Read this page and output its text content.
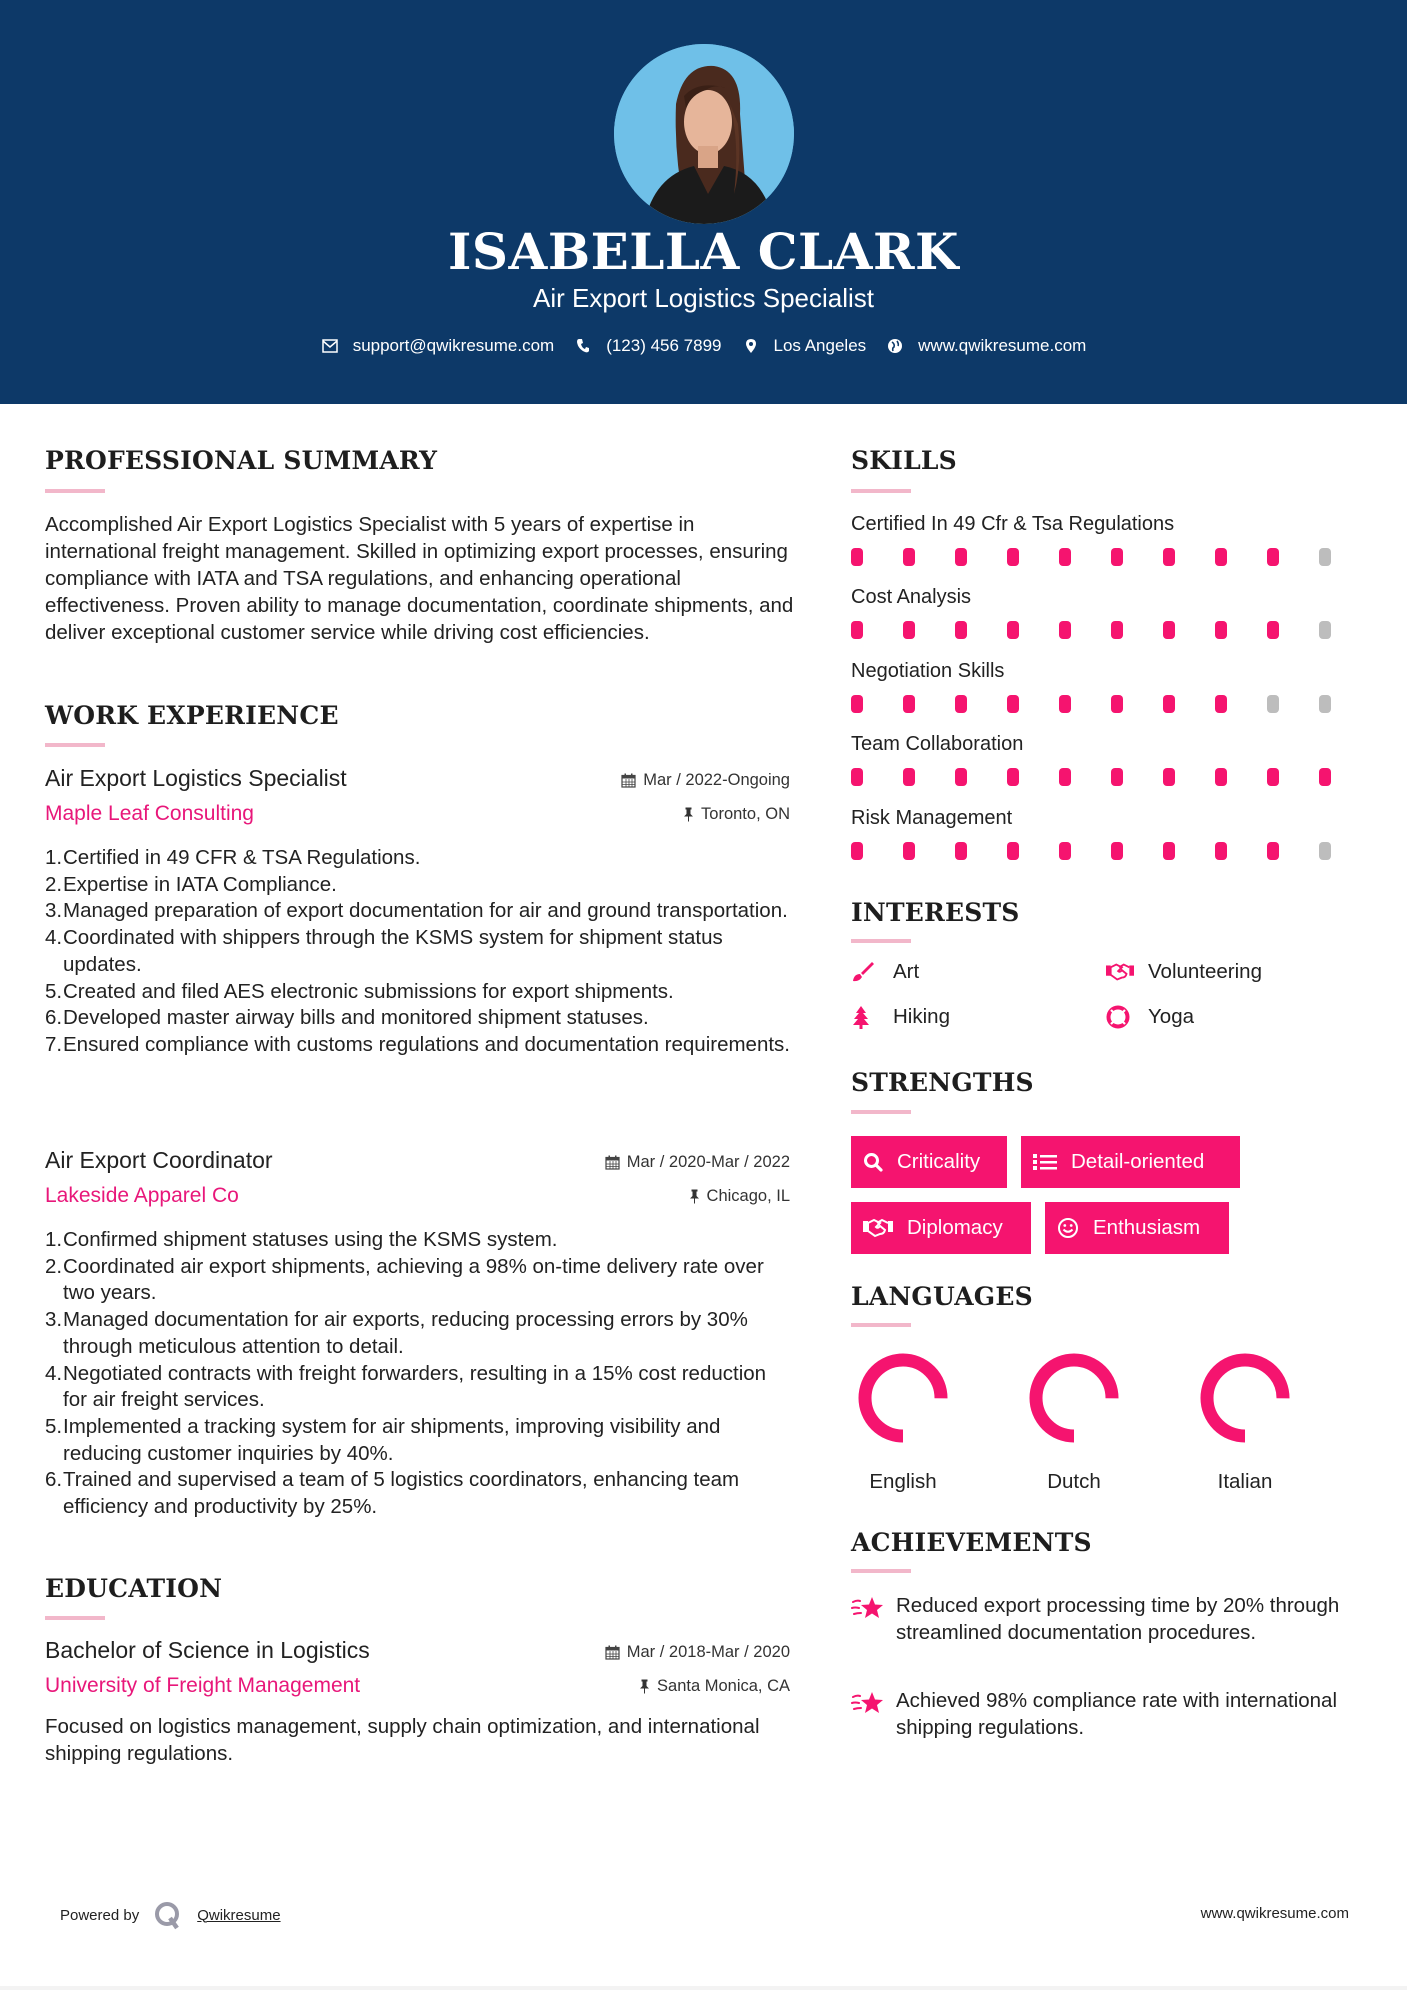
ISABELLA CLARK
Air Export Logistics Specialist
support@qwikresume.com	(123) 456 7899	Los Angeles	www.qwikresume.com
PROFESSIONAL SUMMARY
Accomplished Air Export Logistics Specialist with 5 years of expertise in international freight management. Skilled in optimizing export processes, ensuring compliance with IATA and TSA regulations, and enhancing operational effectiveness. Proven ability to manage documentation, coordinate shipments, and deliver exceptional customer service while driving cost efficiencies.
WORK EXPERIENCE
Air Export Logistics Specialist
Maple Leaf Consulting
Mar / 2022-Ongoing
Toronto, ON
1. Certified in 49 CFR & TSA Regulations.
2. Expertise in IATA Compliance.
3. Managed preparation of export documentation for air and ground transportation.
4. Coordinated with shippers through the KSMS system for shipment status updates.
5. Created and filed AES electronic submissions for export shipments.
6. Developed master airway bills and monitored shipment statuses.
7. Ensured compliance with customs regulations and documentation requirements.
Air Export Coordinator
Lakeside Apparel Co
Mar / 2020-Mar / 2022
Chicago, IL
1. Confirmed shipment statuses using the KSMS system.
2. Coordinated air export shipments, achieving a 98% on-time delivery rate over two years.
3. Managed documentation for air exports, reducing processing errors by 30% through meticulous attention to detail.
4. Negotiated contracts with freight forwarders, resulting in a 15% cost reduction for air freight services.
5. Implemented a tracking system for air shipments, improving visibility and reducing customer inquiries by 40%.
6. Trained and supervised a team of 5 logistics coordinators, enhancing team efficiency and productivity by 25%.
EDUCATION
Bachelor of Science in Logistics
University of Freight Management
Mar / 2018-Mar / 2020
Santa Monica, CA
Focused on logistics management, supply chain optimization, and international shipping regulations.
SKILLS
Certified In 49 Cfr & Tsa Regulations
Cost Analysis
Negotiation Skills
Team Collaboration
Risk Management
INTERESTS
Art	Volunteering
Hiking	Yoga
STRENGTHS
Criticality	Detail-oriented
Diplomacy	Enthusiasm
LANGUAGES
English	Dutch	Italian
ACHIEVEMENTS
Reduced export processing time by 20% through streamlined documentation procedures.
Achieved 98% compliance rate with international shipping regulations.
Powered by	Qwikresume	www.qwikresume.com
